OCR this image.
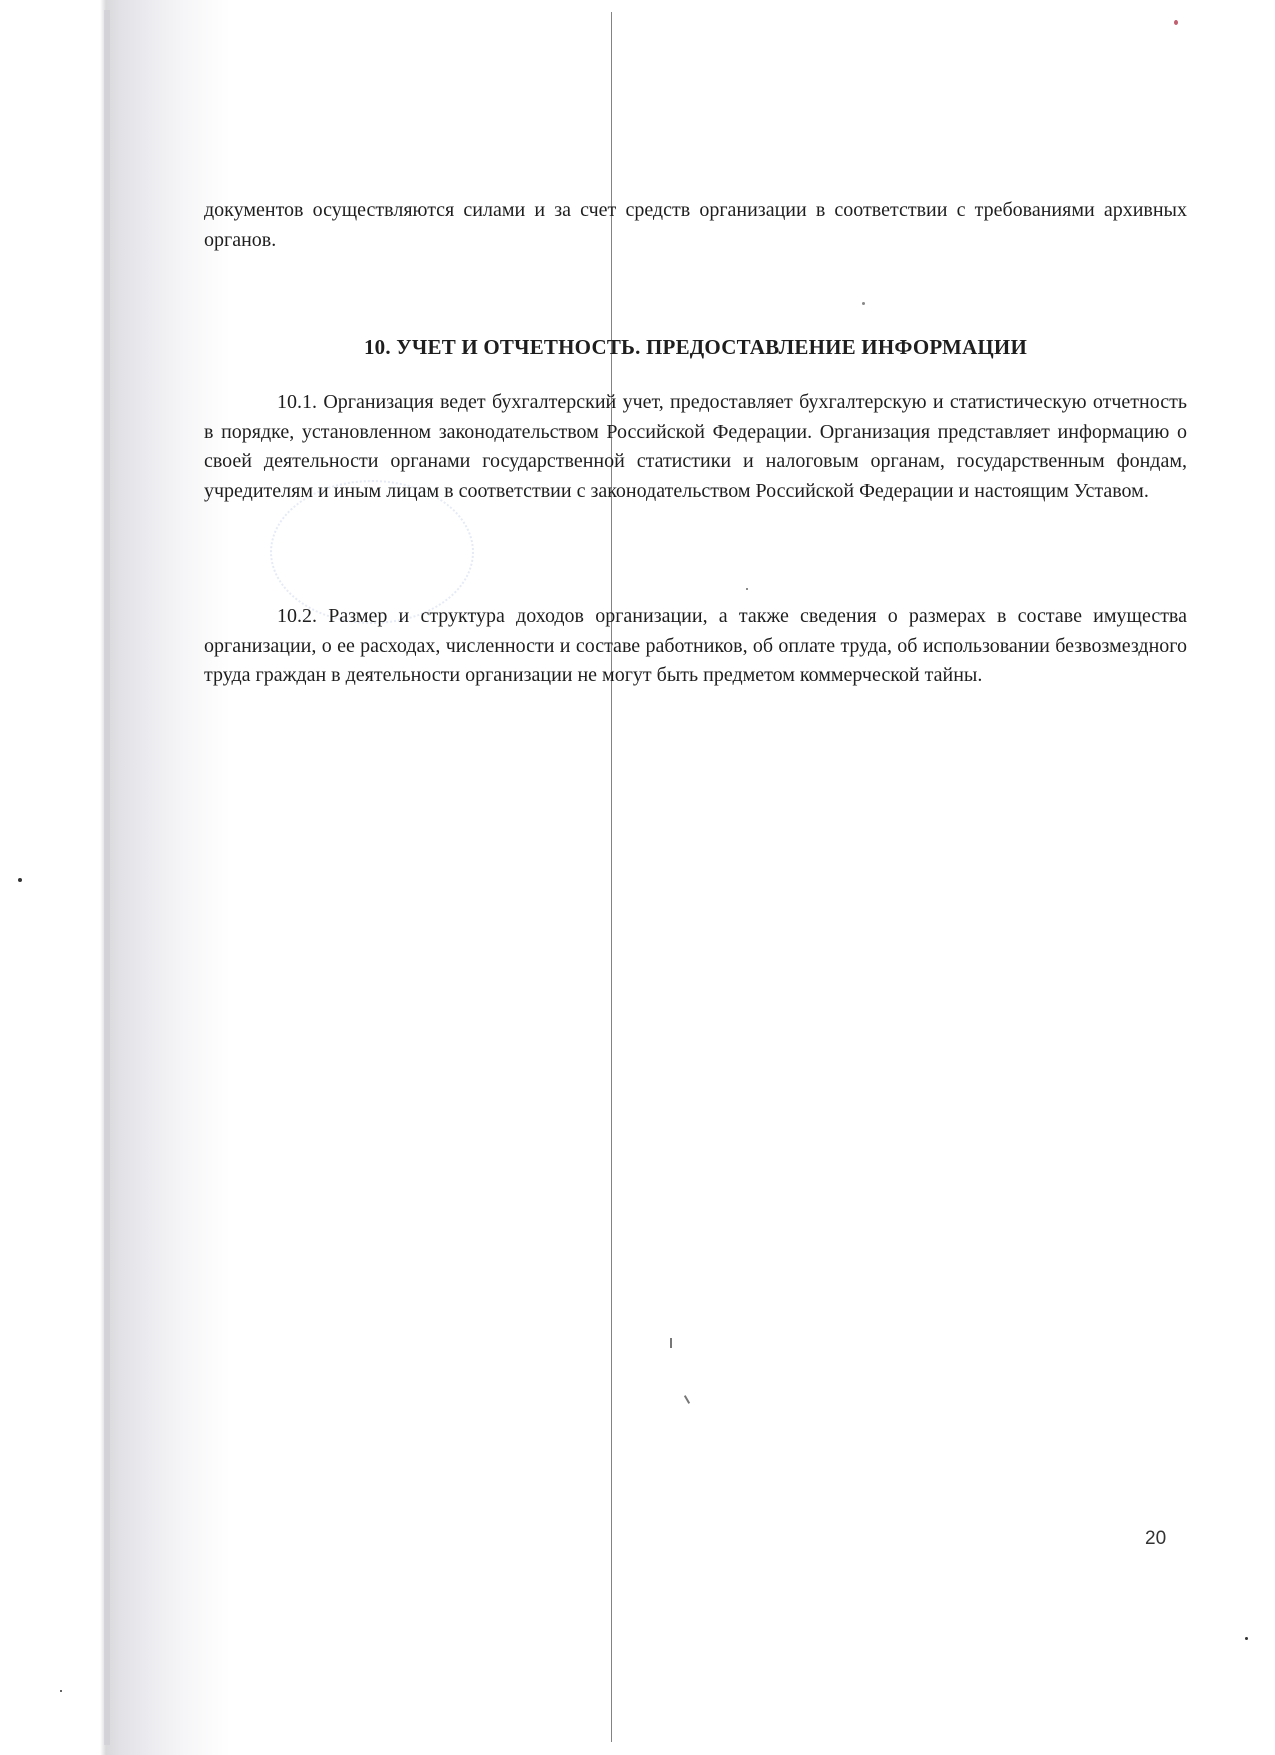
документов осуществляются силами и за счет средств организации в соответствии с требованиями архивных органов.

10. УЧЕТ И ОТЧЕТНОСТЬ. ПРЕДОСТАВЛЕНИЕ ИНФОРМАЦИИ

10.1. Организация ведет бухгалтерский учет, предоставляет бухгалтерскую и статистическую отчетность в порядке, установленном законодательством Российской Федерации. Организация представляет информацию о своей деятельности органами государственной статистики и налоговым органам, государственным фондам, учредителям и иным лицам в соответствии с законодательством Российской Федерации и настоящим Уставом.

10.2. Размер и структура доходов организации, а также сведения о размерах в составе имущества организации, о ее расходах, численности и составе работников, об оплате труда, об использовании безвозмездного труда граждан в деятельности организации не могут быть предметом коммерческой тайны.

20
